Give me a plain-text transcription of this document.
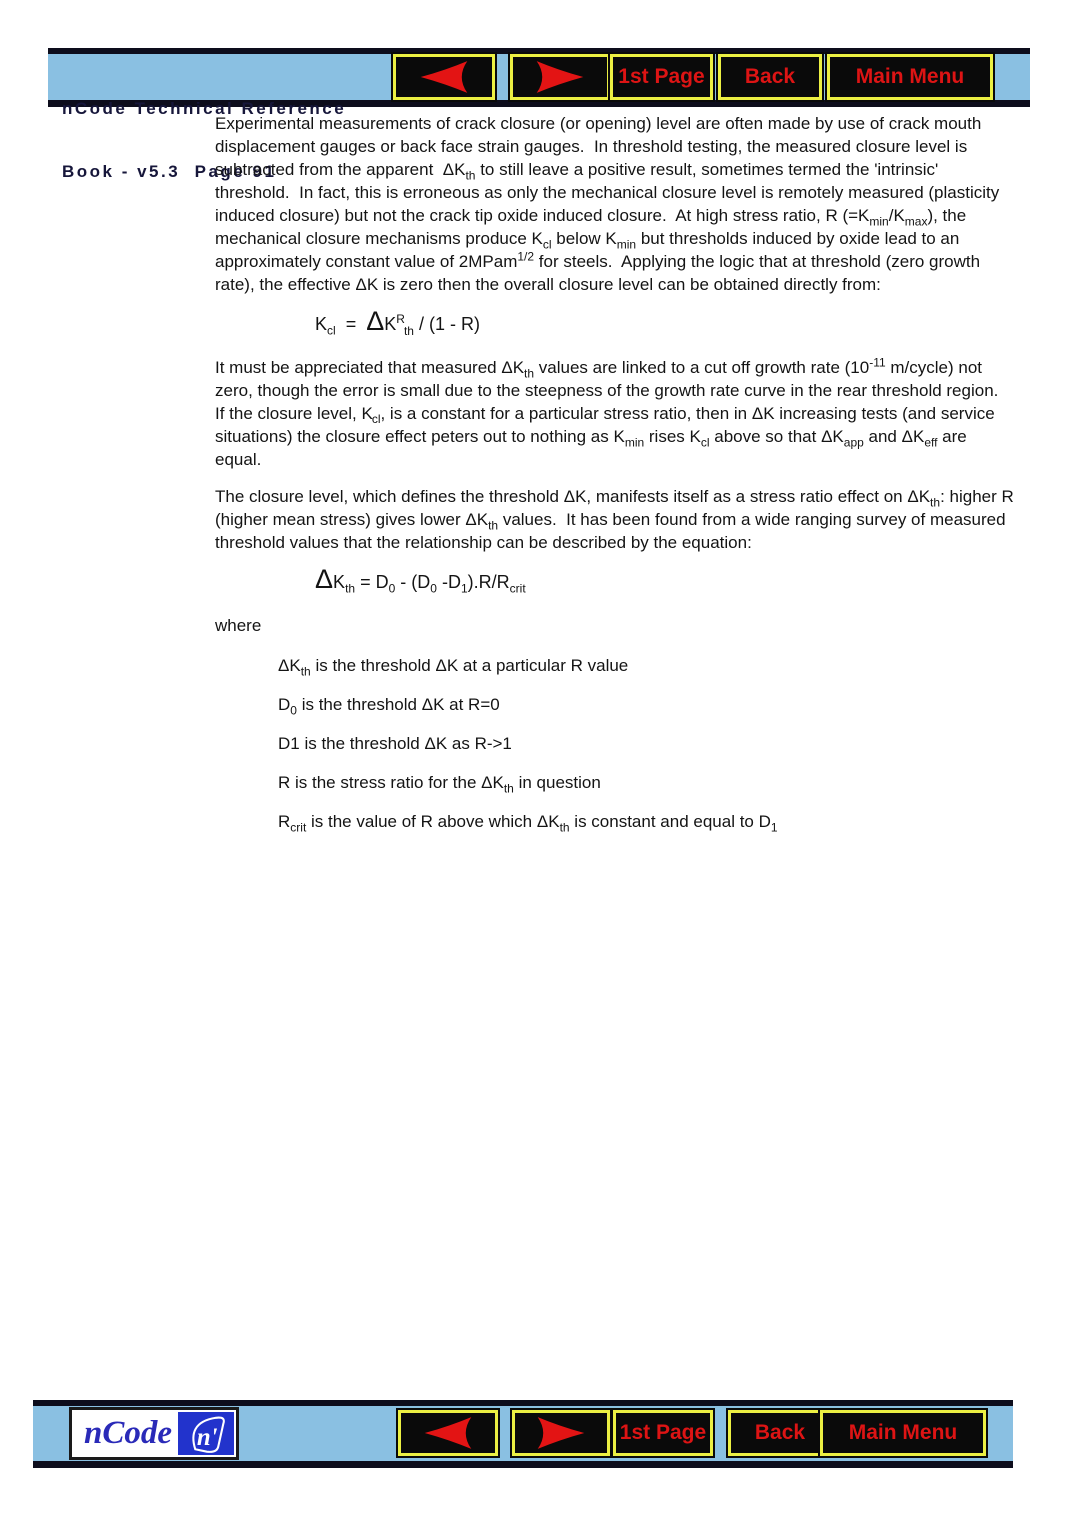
nCode Technical Reference

Book - v5.3  Page 91

1st Page Back	Main Menu

Experimental measurements of crack closure (or opening) level are often made by use of crack mouth displacement gauges or back face strain gauges.  In threshold testing, the measured closure level is subtracted from the apparent  $\Delta K_{th}$ to still leave a positive result, sometimes termed the 'intrinsic' threshold.  In fact, this is erroneous as only the mechanical closure level is remotely measured (plasticity induced closure) but not the crack tip oxide induced closure.  At high stress ratio, R $(=K_{min}/K_{max})$, the mechanical closure mechanisms produce $K_{cl}$ below $K_{min}$ but thresholds induced by oxide lead to an approximately constant value of 2MPam$^{1/2}$ for steels.  Applying the logic that at threshold (zero growth rate), the effective ΔK is zero then the overall closure level can be obtained directly from:

$K_{cl} = \Delta K^R_{th} / (1 - R)$

It must be appreciated that measured $\Delta K_{th}$ values are linked to a cut off growth rate ($10^{-11}$ m/cycle) not zero, though the error is small due to the steepness of the growth rate curve in the rear threshold region.  If the closure level, $K_{cl}$, is a constant for a particular stress ratio, then in ΔK increasing tests (and service situations) the closure effect peters out to nothing as $K_{min}$ rises $K_{cl}$ above so that $\Delta K_{app}$ and $\Delta K_{eff}$ are equal.

The closure level, which defines the threshold ΔK, manifests itself as a stress ratio effect on $\Delta K_{th}$: higher R (higher mean stress) gives lower $\Delta K_{th}$ values.  It has been found from a wide ranging survey of measured threshold values that the relationship can be described by the equation:

$\Delta K_{th} = D_0 - (D_0$ $-D_1).R/R_{crit}$
where
$\Delta K_{th}$ is the threshold ΔK at a particular R value
$D_0$ is the threshold ΔK at R=0
D1 is the threshold ΔK as R->1
R is the stress ratio for the $\Delta K_{th}$ in question
$R_{crit}$ is the value of R above which $\Delta K_{th}$ is constant and equal to $D_1$
nCode n'	1st Page Back Main Menu
